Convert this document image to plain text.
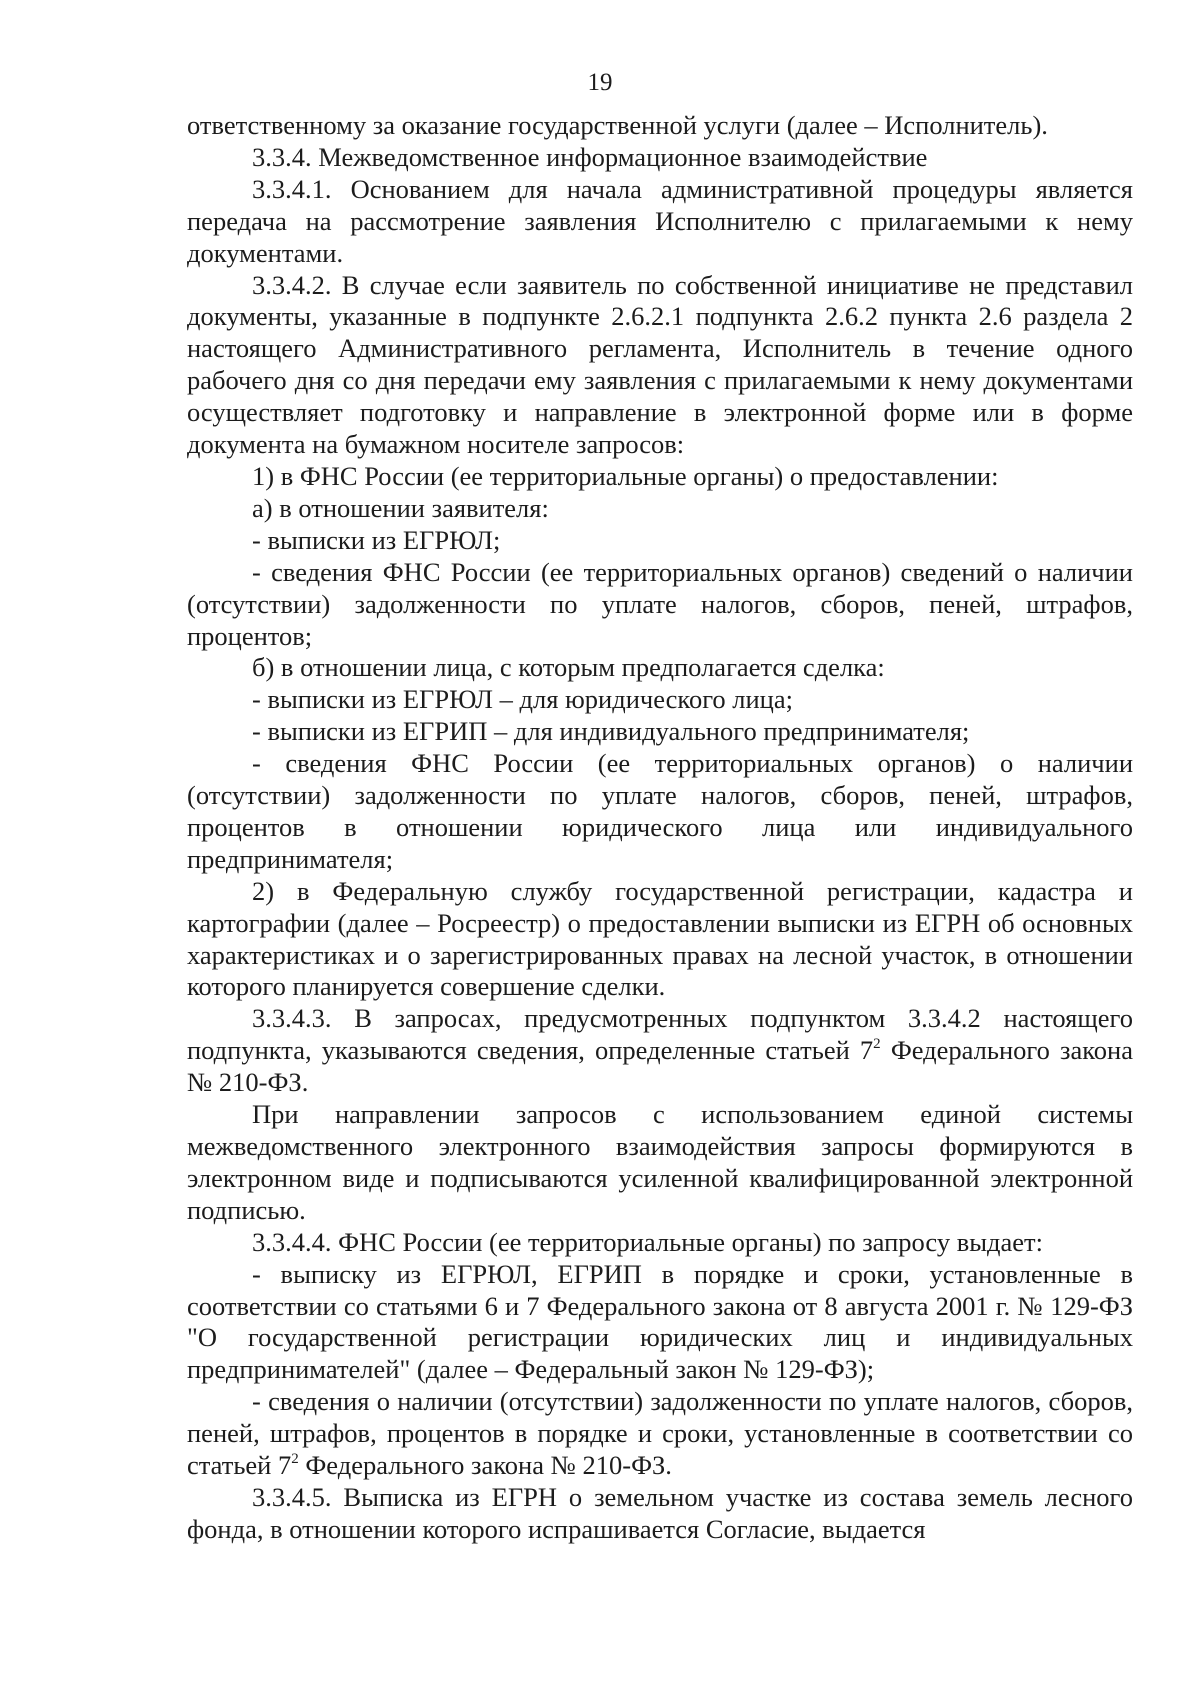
19

ответственному за оказание государственной услуги (далее – Исполнитель).

3.3.4. Межведомственное информационное взаимодействие

3.3.4.1. Основанием для начала административной процедуры является передача на рассмотрение заявления Исполнителю с прилагаемыми к нему документами.

3.3.4.2. В случае если заявитель по собственной инициативе не представил документы, указанные в подпункте 2.6.2.1 подпункта 2.6.2 пункта 2.6 раздела 2 настоящего Административного регламента, Исполнитель в течение одного рабочего дня со дня передачи ему заявления с прилагаемыми к нему документами осуществляет подготовку и направление в электронной форме или в форме документа на бумажном носителе запросов:

1) в ФНС России (ее территориальные органы) о предоставлении:

а) в отношении заявителя:

- выписки из ЕГРЮЛ;

- сведения ФНС России (ее территориальных органов) сведений о наличии (отсутствии) задолженности по уплате налогов, сборов, пеней, штрафов, процентов;

б) в отношении лица, с которым предполагается сделка:

- выписки из ЕГРЮЛ – для юридического лица;

- выписки из ЕГРИП – для индивидуального предпринимателя;

- сведения ФНС России (ее территориальных органов) о наличии (отсутствии) задолженности по уплате налогов, сборов, пеней, штрафов, процентов в отношении юридического лица или индивидуального предпринимателя;

2) в Федеральную службу государственной регистрации, кадастра и картографии (далее – Росреестр) о предоставлении выписки из ЕГРН об основных характеристиках и о зарегистрированных правах на лесной участок, в отношении которого планируется совершение сделки.

3.3.4.3. В запросах, предусмотренных подпунктом 3.3.4.2 настоящего подпункта, указываются сведения, определенные статьей $7^2$ Федерального закона № 210-ФЗ.

При направлении запросов с использованием единой системы межведомственного электронного взаимодействия запросы формируются в электронном виде и подписываются усиленной квалифицированной электронной подписью.

3.3.4.4. ФНС России (ее территориальные органы) по запросу выдает:

- выписку из ЕГРЮЛ, ЕГРИП в порядке и сроки, установленные в соответствии со статьями 6 и 7 Федерального закона от 8 августа 2001 г. № 129-ФЗ "О государственной регистрации юридических лиц и индивидуальных предпринимателей" (далее – Федеральный закон № 129-ФЗ);

- сведения о наличии (отсутствии) задолженности по уплате налогов, сборов, пеней, штрафов, процентов в порядке и сроки, установленные в соответствии со статьей $7^2$ Федерального закона № 210-ФЗ.

3.3.4.5. Выписка из ЕГРН о земельном участке из состава земель лесного фонда, в отношении которого испрашивается Согласие, выдается
